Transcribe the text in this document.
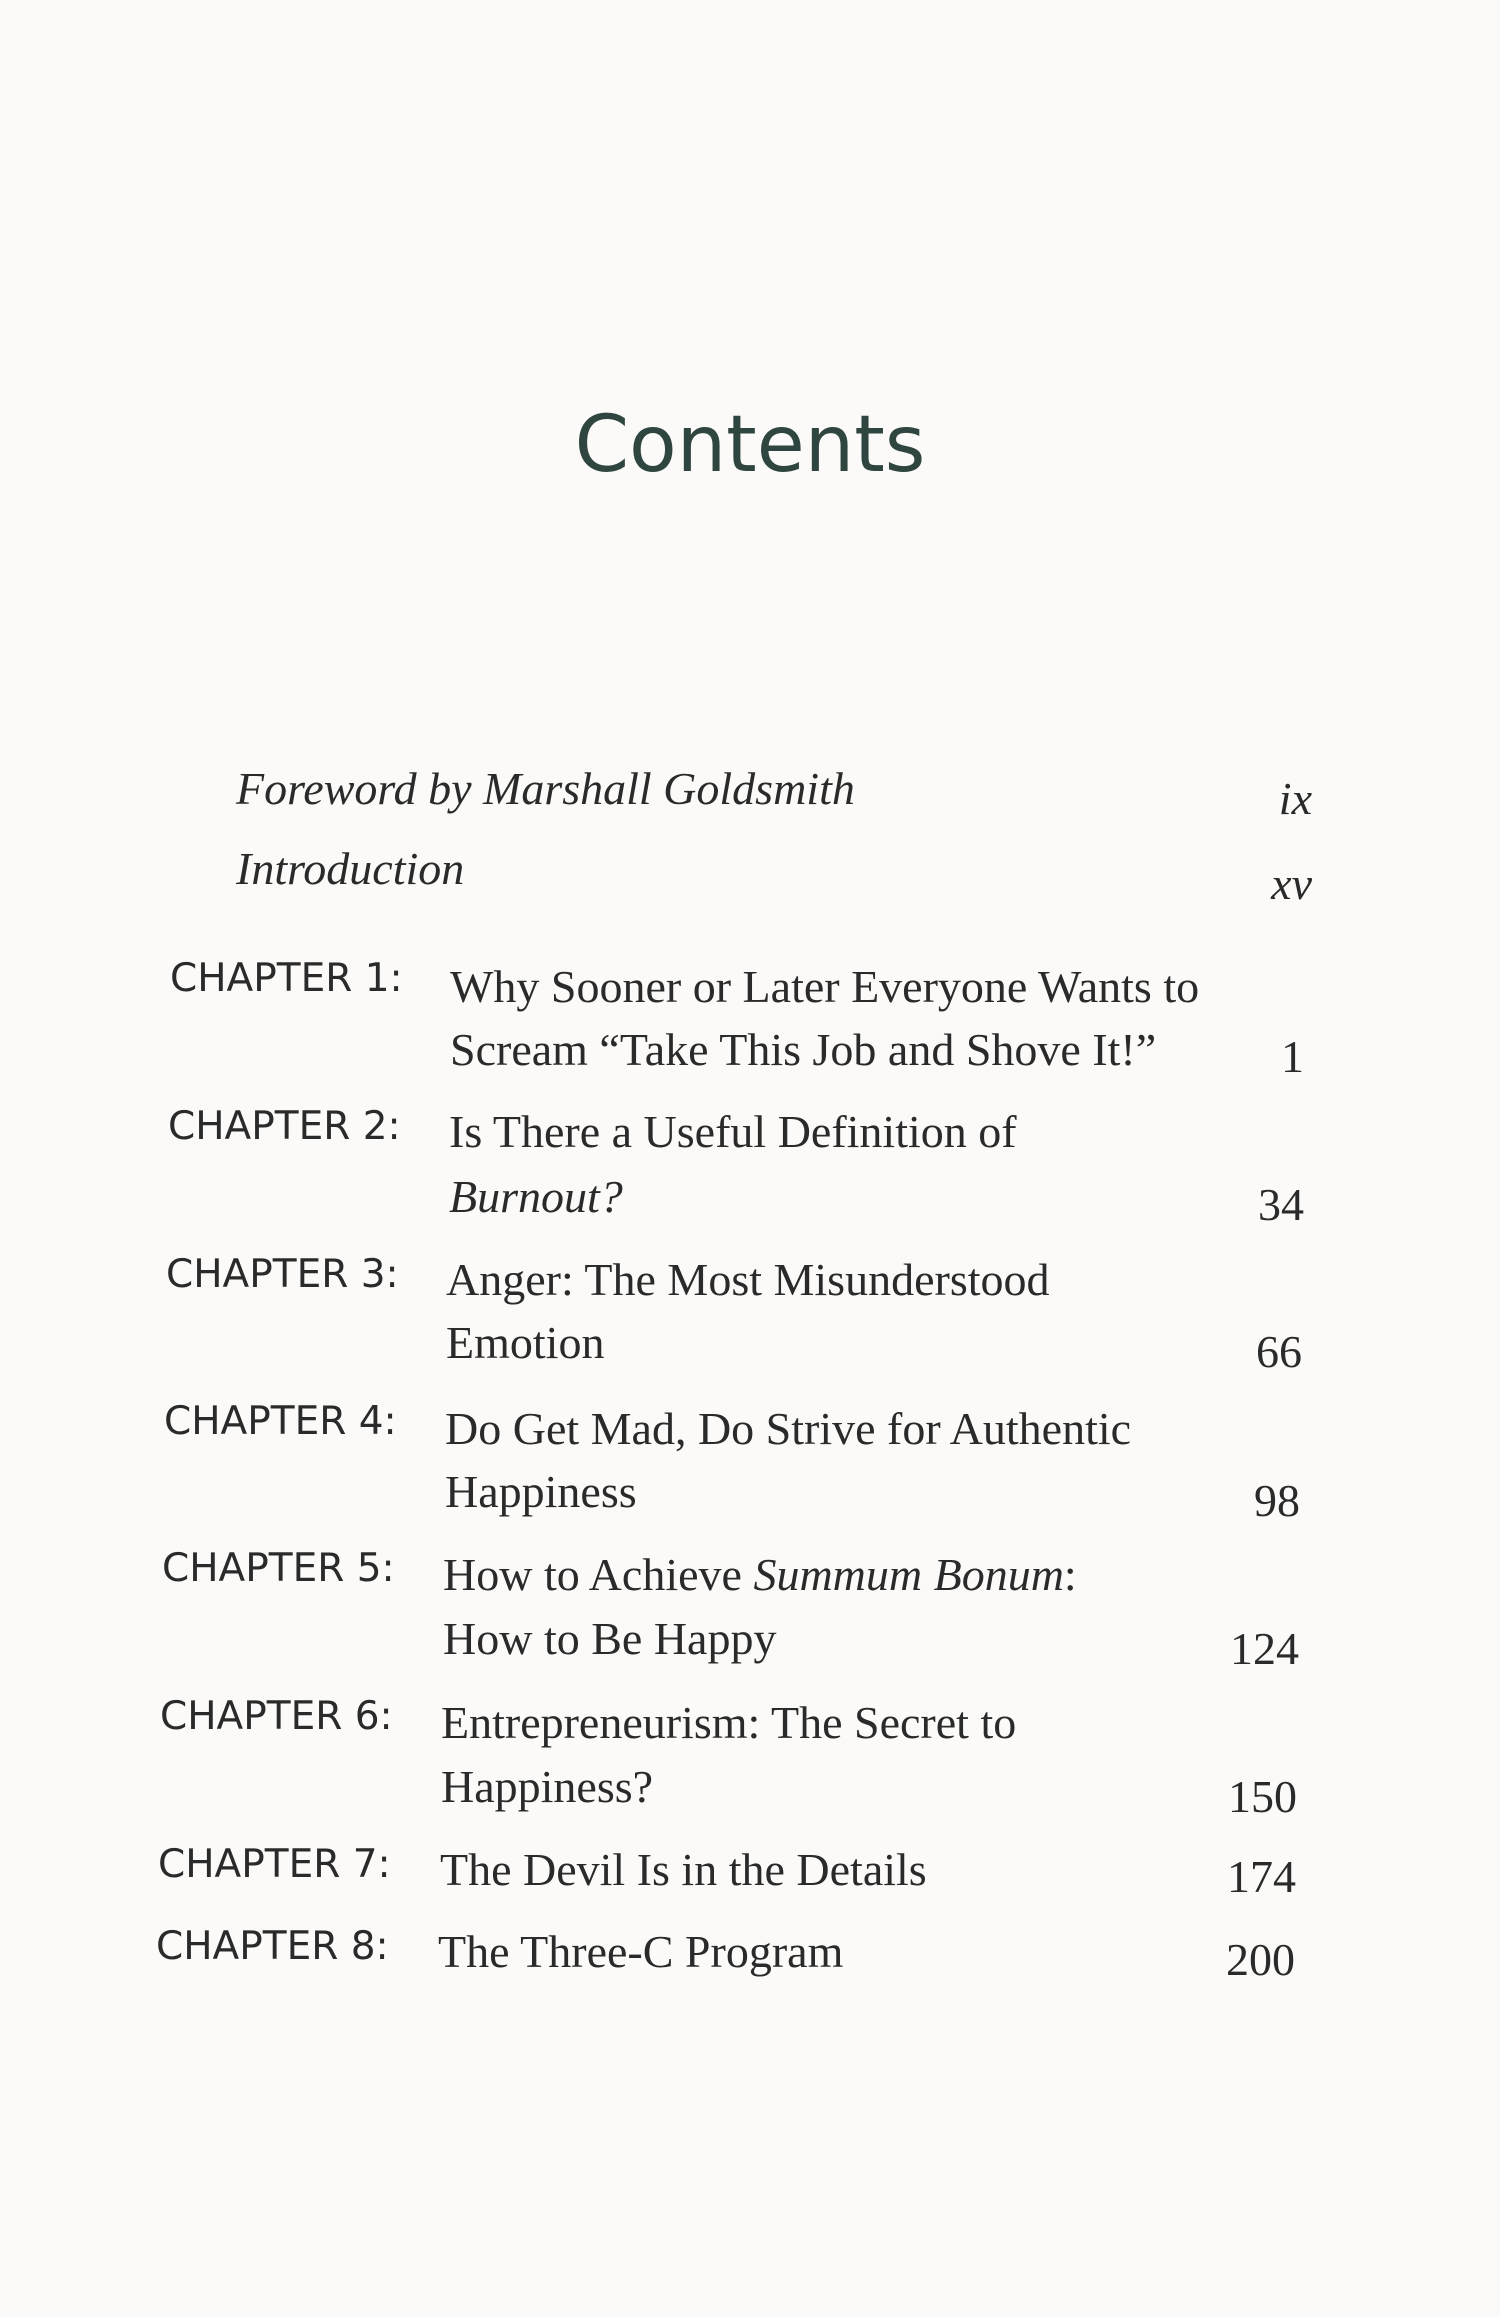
Contents
Foreword by Marshall Goldsmith	ix
Introduction	xv
CHAPTER 1: Why Sooner or Later Everyone Wants to
Scream “Take This Job and Shove It!”	1
CHAPTER 2: Is There a Useful Definition of
Burnout?	34
CHAPTER 3: Anger: The Most Misunderstood
Emotion	66
CHAPTER 4: Do Get Mad, Do Strive for Authentic
Happiness	98
CHAPTER 5: How to Achieve Summum Bonum:
How to Be Happy	124
CHAPTER 6: Entrepreneurism: The Secret to
Happiness?	150
CHAPTER 7: The Devil Is in the Details	174
CHAPTER 8: The Three-C Program	200
